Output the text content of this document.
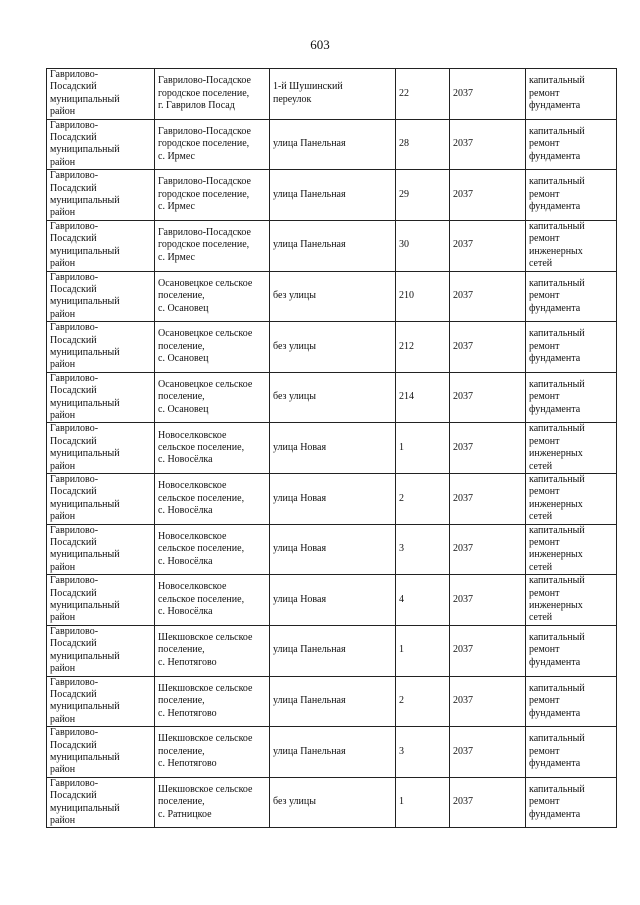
603
Гаврилово-
Посадский
муниципальный
район	Гаврилово-Посадское
городское поселение,
г. Гаврилов Посад	1-й Шушинский
переулок	22	2037	капитальный
ремонт
фундамента
Гаврилово-
Посадский
муниципальный
район	Гаврилово-Посадское
городское поселение,
с. Ирмес	улица Панельная	28	2037	капитальный
ремонт
фундамента
Гаврилово-
Посадский
муниципальный
район	Гаврилово-Посадское
городское поселение,
с. Ирмес	улица Панельная	29	2037	капитальный
ремонт
фундамента
Гаврилово-
Посадский
муниципальный
район	Гаврилово-Посадское
городское поселение,
с. Ирмес	улица Панельная	30	2037	капитальный
ремонт
инженерных
сетей
Гаврилово-
Посадский
муниципальный
район	Осановецкое сельское
поселение,
с. Осановец	без улицы	210	2037	капитальный
ремонт
фундамента
Гаврилово-
Посадский
муниципальный
район	Осановецкое сельское
поселение,
с. Осановец	без улицы	212	2037	капитальный
ремонт
фундамента
Гаврилово-
Посадский
муниципальный
район	Осановецкое сельское
поселение,
с. Осановец	без улицы	214	2037	капитальный
ремонт
фундамента
Гаврилово-
Посадский
муниципальный
район	Новоселковское
сельское поселение,
с. Новосёлка	улица Новая	1	2037	капитальный
ремонт
инженерных
сетей
Гаврилово-
Посадский
муниципальный
район	Новоселковское
сельское поселение,
с. Новосёлка	улица Новая	2	2037	капитальный
ремонт
инженерных
сетей
Гаврилово-
Посадский
муниципальный
район	Новоселковское
сельское поселение,
с. Новосёлка	улица Новая	3	2037	капитальный
ремонт
инженерных
сетей
Гаврилово-
Посадский
муниципальный
район	Новоселковское
сельское поселение,
с. Новосёлка	улица Новая	4	2037	капитальный
ремонт
инженерных
сетей
Гаврилово-
Посадский
муниципальный
район	Шекшовское сельское
поселение,
с. Непотягово	улица Панельная	1	2037	капитальный
ремонт
фундамента
Гаврилово-
Посадский
муниципальный
район	Шекшовское сельское
поселение,
с. Непотягово	улица Панельная	2	2037	капитальный
ремонт
фундамента
Гаврилово-
Посадский
муниципальный
район	Шекшовское сельское
поселение,
с. Непотягово	улица Панельная	3	2037	капитальный
ремонт
фундамента
Гаврилово-
Посадский
муниципальный
район	Шекшовское сельское
поселение,
с. Ратницкое	без улицы	1	2037	капитальный
ремонт
фундамента
